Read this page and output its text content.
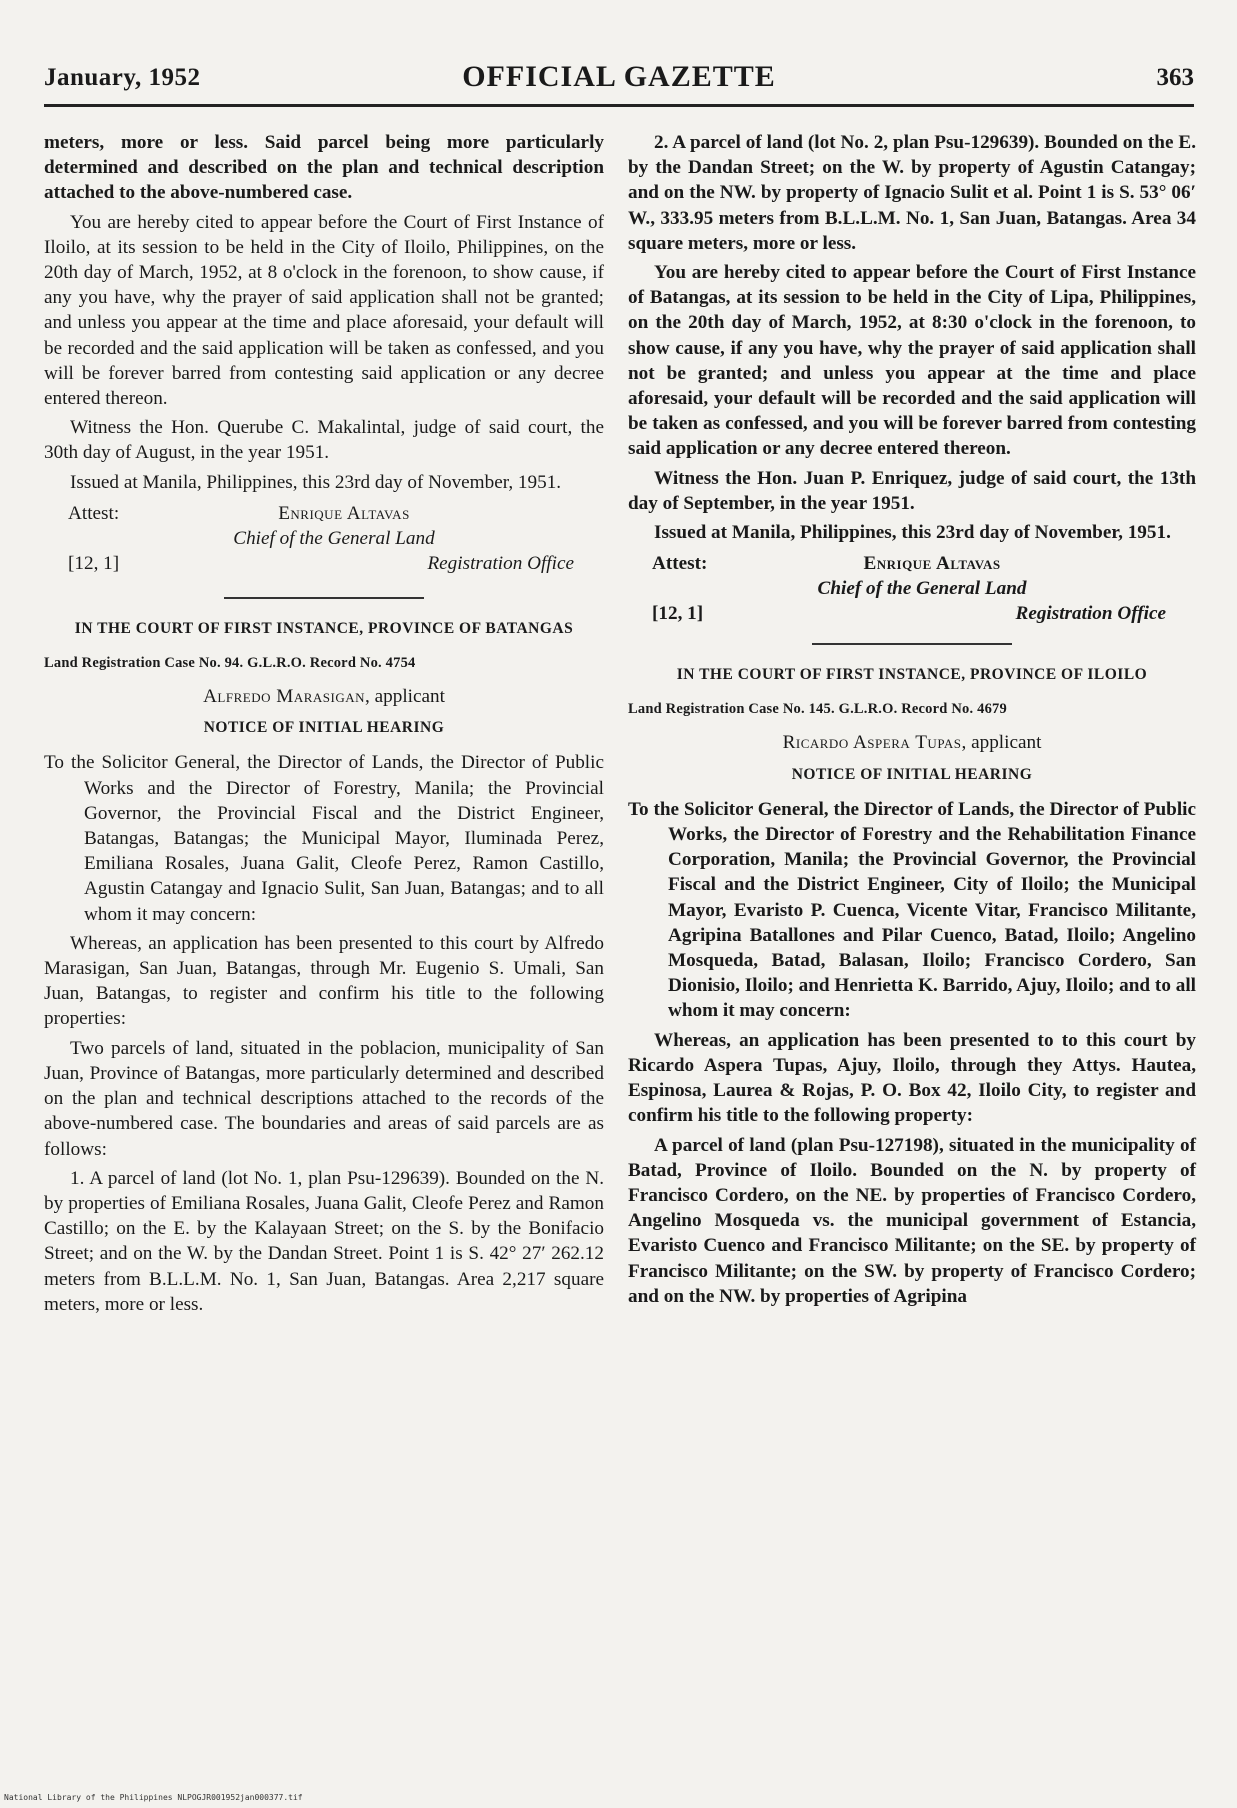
January, 1952	OFFICIAL GAZETTE	363

meters, more or less. Said parcel being more particularly determined and described on the plan and technical description attached to the above-numbered case.

You are hereby cited to appear before the Court of First Instance of Iloilo, at its session to be held in the City of Iloilo, Philippines, on the 20th day of March, 1952, at 8 o'clock in the forenoon, to show cause, if any you have, why the prayer of said application shall not be granted; and unless you appear at the time and place aforesaid, your default will be recorded and the said application will be taken as confessed, and you will be forever barred from contesting said application or any decree entered thereon.

Witness the Hon. Querube C. Makalintal, judge of said court, the 30th day of August, in the year 1951.

Issued at Manila, Philippines, this 23rd day of November, 1951.

Attest:	Enrique Altavas
Chief of the General Land
[12, 1]	Registration Office
IN THE COURT OF FIRST INSTANCE, PROVINCE OF BATANGAS
Land Registration Case No. 94. G.L.R.O. Record No. 4754
Alfredo Marasigan, applicant
NOTICE OF INITIAL HEARING

To the Solicitor General, the Director of Lands, the Director of Public Works and the Director of Forestry, Manila; the Provincial Governor, the Provincial Fiscal and the District Engineer, Batangas, Batangas; the Municipal Mayor, Iluminada Perez, Emiliana Rosales, Juana Galit, Cleofe Perez, Ramon Castillo, Agustin Catangay and Ignacio Sulit, San Juan, Batangas; and to all whom it may concern:

Whereas, an application has been presented to this court by Alfredo Marasigan, San Juan, Batangas, through Mr. Eugenio S. Umali, San Juan, Batangas, to register and confirm his title to the following properties:

Two parcels of land, situated in the poblacion, municipality of San Juan, Province of Batangas, more particularly determined and described on the plan and technical descriptions attached to the records of the above-numbered case. The boundaries and areas of said parcels are as follows:

1. A parcel of land (lot No. 1, plan Psu-129639). Bounded on the N. by properties of Emiliana Rosales, Juana Galit, Cleofe Perez and Ramon Castillo; on the E. by the Kalayaan Street; on the S. by the Bonifacio Street; and on the W. by the Dandan Street. Point 1 is S. 42° 27′ 262.12 meters from B.L.L.M. No. 1, San Juan, Batangas. Area 2,217 square meters, more or less.

2. A parcel of land (lot No. 2, plan Psu-129639). Bounded on the E. by the Dandan Street; on the W. by property of Agustin Catangay; and on the NW. by property of Ignacio Sulit et al. Point 1 is S. 53° 06′ W., 333.95 meters from B.L.L.M. No. 1, San Juan, Batangas. Area 34 square meters, more or less.

You are hereby cited to appear before the Court of First Instance of Batangas, at its session to be held in the City of Lipa, Philippines, on the 20th day of March, 1952, at 8:30 o'clock in the forenoon, to show cause, if any you have, why the prayer of said application shall not be granted; and unless you appear at the time and place aforesaid, your default will be recorded and the said application will be taken as confessed, and you will be forever barred from contesting said application or any decree entered thereon.

Witness the Hon. Juan P. Enriquez, judge of said court, the 13th day of September, in the year 1951.

Issued at Manila, Philippines, this 23rd day of November, 1951.

Attest:	Enrique Altavas
Chief of the General Land
[12, 1]	Registration Office
IN THE COURT OF FIRST INSTANCE, PROVINCE OF ILOILO
Land Registration Case No. 145. G.L.R.O. Record No. 4679
Ricardo Aspera Tupas, applicant
NOTICE OF INITIAL HEARING

To the Solicitor General, the Director of Lands, the Director of Public Works, the Director of Forestry and the Rehabilitation Finance Corporation, Manila; the Provincial Governor, the Provincial Fiscal and the District Engineer, City of Iloilo; the Municipal Mayor, Evaristo P. Cuenca, Vicente Vitar, Francisco Militante, Agripina Batallones and Pilar Cuenco, Batad, Iloilo; Angelino Mosqueda, Batad, Balasan, Iloilo; Francisco Cordero, San Dionisio, Iloilo; and Henrietta K. Barrido, Ajuy, Iloilo; and to all whom it may concern:

Whereas, an application has been presented to to this court by Ricardo Aspera Tupas, Ajuy, Iloilo, through they Attys. Hautea, Espinosa, Laurea & Rojas, P. O. Box 42, Iloilo City, to register and confirm his title to the following property:

A parcel of land (plan Psu-127198), situated in the municipality of Batad, Province of Iloilo. Bounded on the N. by property of Francisco Cordero, on the NE. by properties of Francisco Cordero, Angelino Mosqueda vs. the municipal government of Estancia, Evaristo Cuenco and Francisco Militante; on the SE. by property of Francisco Militante; on the SW. by property of Francisco Cordero; and on the NW. by properties of Agripina

National Library of the Philippines NLPOGJR001952jan000377.tif
